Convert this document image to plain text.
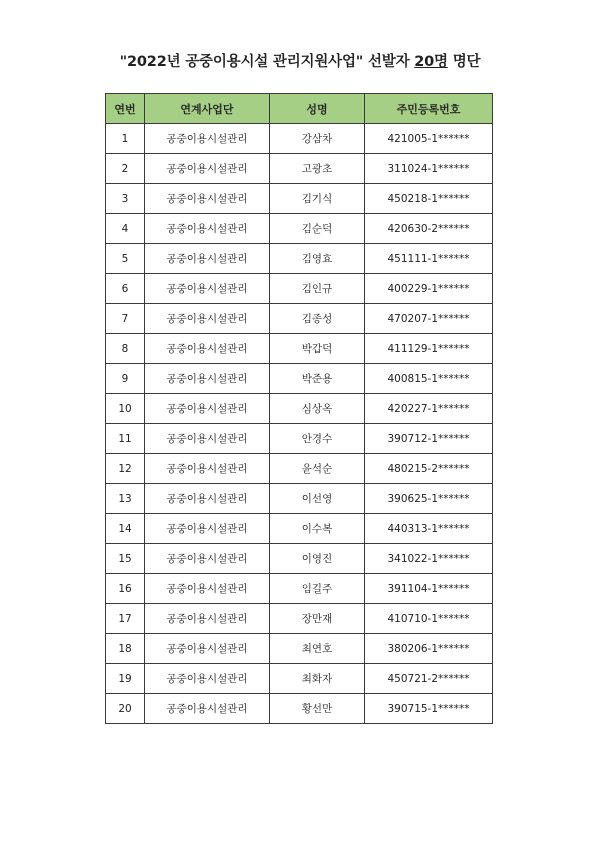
"2022년 공중이용시설 관리지원사업" 선발자 20명 명단
연번	연계사업단	성명	주민등록번호
1	공중이용시설관리	강삼차	421005-1******
2	공중이용시설관리	고광초	311024-1******
3	공중이용시설관리	김기식	450218-1******
4	공중이용시설관리	김순덕	420630-2******
5	공중이용시설관리	김영효	451111-1******
6	공중이용시설관리	김인규	400229-1******
7	공중이용시설관리	김종성	470207-1******
8	공중이용시설관리	박갑덕	411129-1******
9	공중이용시설관리	박준용	400815-1******
10	공중이용시설관리	심상옥	420227-1******
11	공중이용시설관리	안경수	390712-1******
12	공중이용시설관리	윤석순	480215-2******
13	공중이용시설관리	이선영	390625-1******
14	공중이용시설관리	이수복	440313-1******
15	공중이용시설관리	이영진	341022-1******
16	공중이용시설관리	임길주	391104-1******
17	공중이용시설관리	장만재	410710-1******
18	공중이용시설관리	최연호	380206-1******
19	공중이용시설관리	최화자	450721-2******
20	공중이용시설관리	황선만	390715-1******
